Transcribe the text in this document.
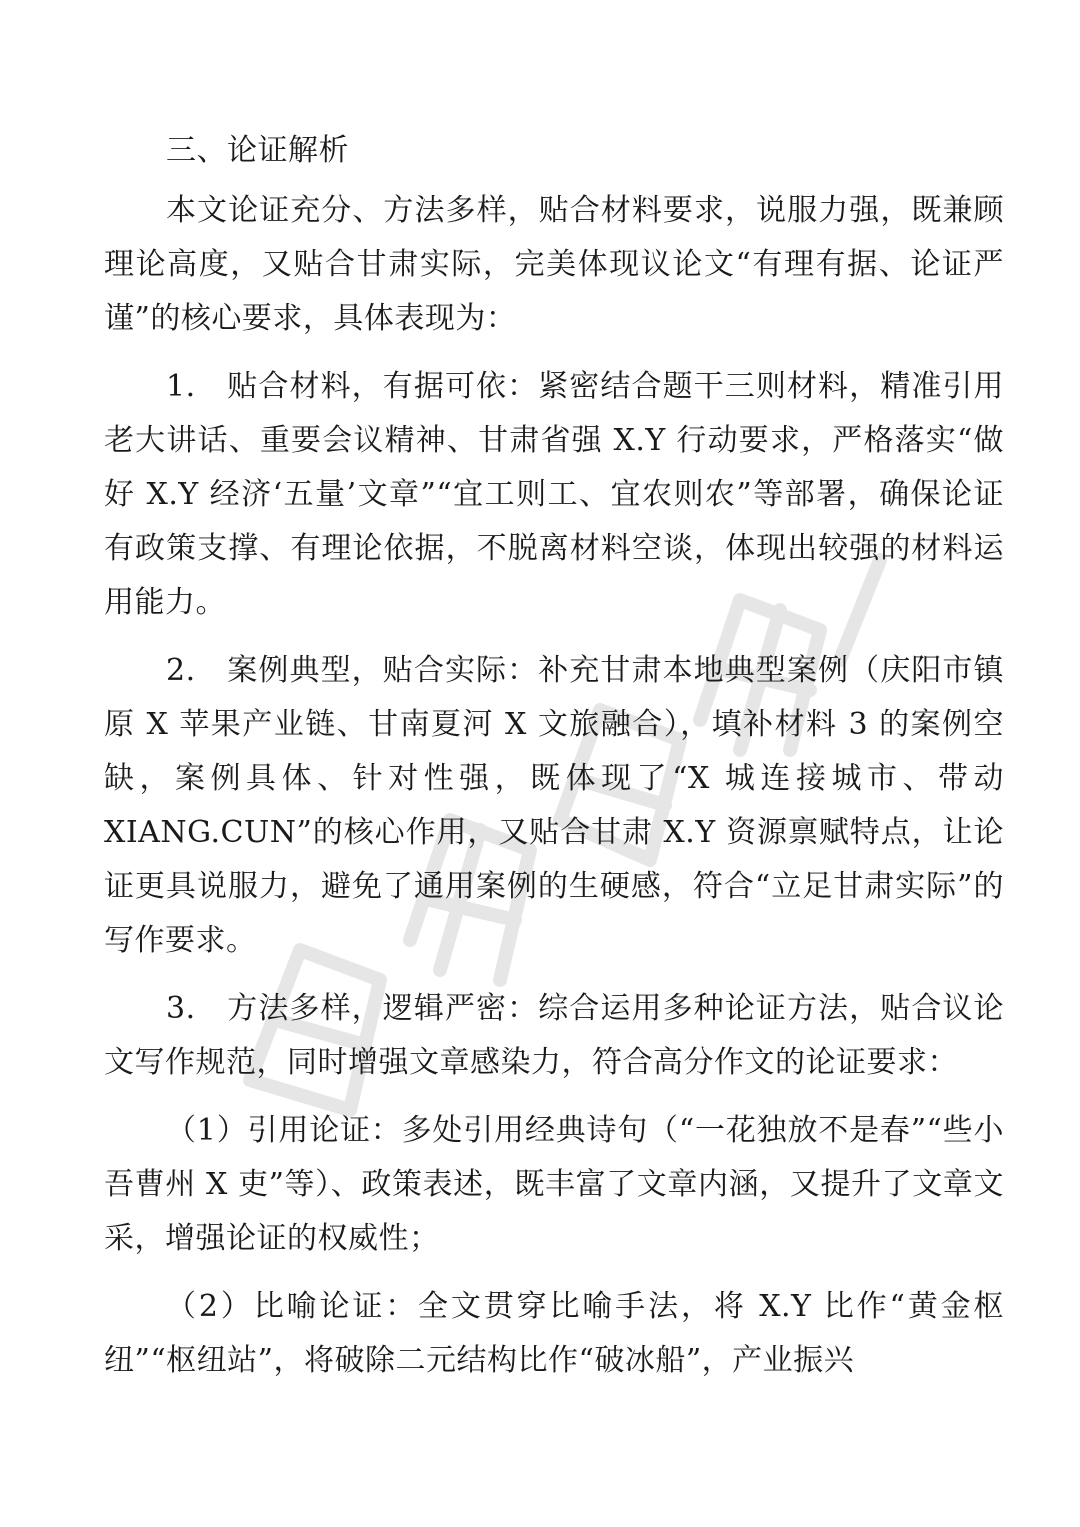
三、论证解析

本文论证充分、方法多样，贴合材料要求，说服力强，既兼顾理论高度，又贴合甘肃实际，完美体现议论文“有理有据、论证严谨”的核心要求，具体表现为：

1.　贴合材料，有据可依：紧密结合题干三则材料，精准引用老大讲话、重要会议精神、甘肃省强 X.Y 行动要求，严格落实“做好 X.Y 经济‘五量’文章”“宜工则工、宜农则农”等部署，确保论证有政策支撑、有理论依据，不脱离材料空谈，体现出较强的材料运用能力。

2.　案例典型，贴合实际：补充甘肃本地典型案例（庆阳市镇原 X 苹果产业链、甘南夏河 X 文旅融合），填补材料 3 的案例空缺，案例具体、针对性强，既体现了“X 城连接城市、带动 XIANG.CUN”的核心作用，又贴合甘肃 X.Y 资源禀赋特点，让论证更具说服力，避免了通用案例的生硬感，符合“立足甘肃实际”的写作要求。

3.　方法多样，逻辑严密：综合运用多种论证方法，贴合议论文写作规范，同时增强文章感染力，符合高分作文的论证要求：

（1）引用论证：多处引用经典诗句（“一花独放不是春”“些小吾曹州 X 吏”等）、政策表述，既丰富了文章内涵，又提升了文章文采，增强论证的权威性；

（2）比喻论证：全文贯穿比喻手法，将 X.Y 比作“黄金枢纽”“枢纽站”，将破除二元结构比作“破冰船”，产业振兴
